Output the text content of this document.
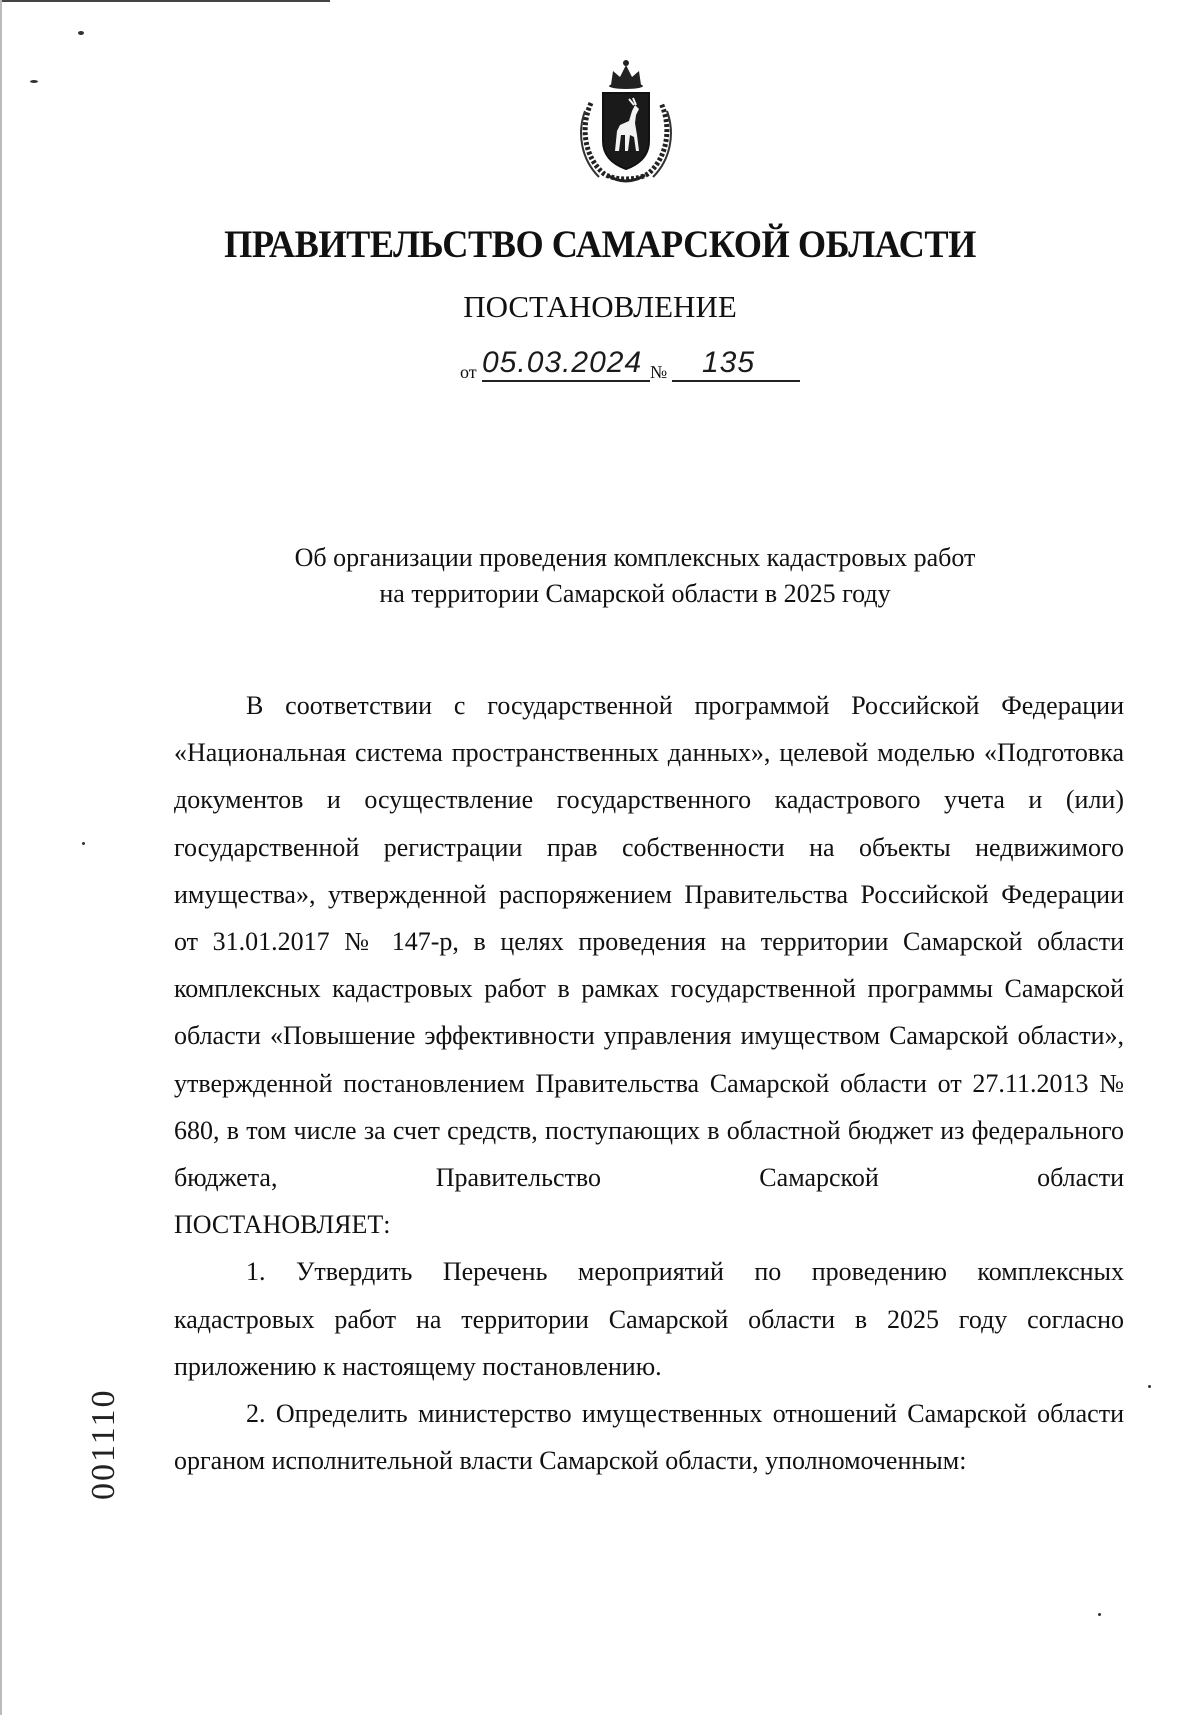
ПРАВИТЕЛЬСТВО САМАРСКОЙ ОБЛАСТИ
ПОСТАНОВЛЕНИЕ
от 05.03.2024 № 135
Об организации проведения комплексных кадастровых работ
на территории Самарской области в 2025 году

В соответствии с государственной программой Российской Федерации «Национальная система пространственных данных», целевой моделью «Подготовка документов и осуществление государственного кадастрового учета и (или) государственной регистрации прав собственности на объекты недвижимого имущества», утвержденной распоряжением Правительства Российской Федерации от 31.01.2017 № 147-р, в целях проведения на территории Самарской области комплексных кадастровых работ в рамках государственной программы Самарской области «Повышение эффективности управления имуществом Самарской области», утвержденной постановлением Правительства Самарской области от 27.11.2013 № 680, в том числе за счет средств, поступающих в областной бюджет из федерального бюджета, Правительство Самарской области

ПОСТАНОВЛЯЕТ:

1. Утвердить Перечень мероприятий по проведению комплексных кадастровых работ на территории Самарской области в 2025 году согласно приложению к настоящему постановлению.

2. Определить министерство имущественных отношений Самарской области органом исполнительной власти Самарской области, уполномоченным:

001110
